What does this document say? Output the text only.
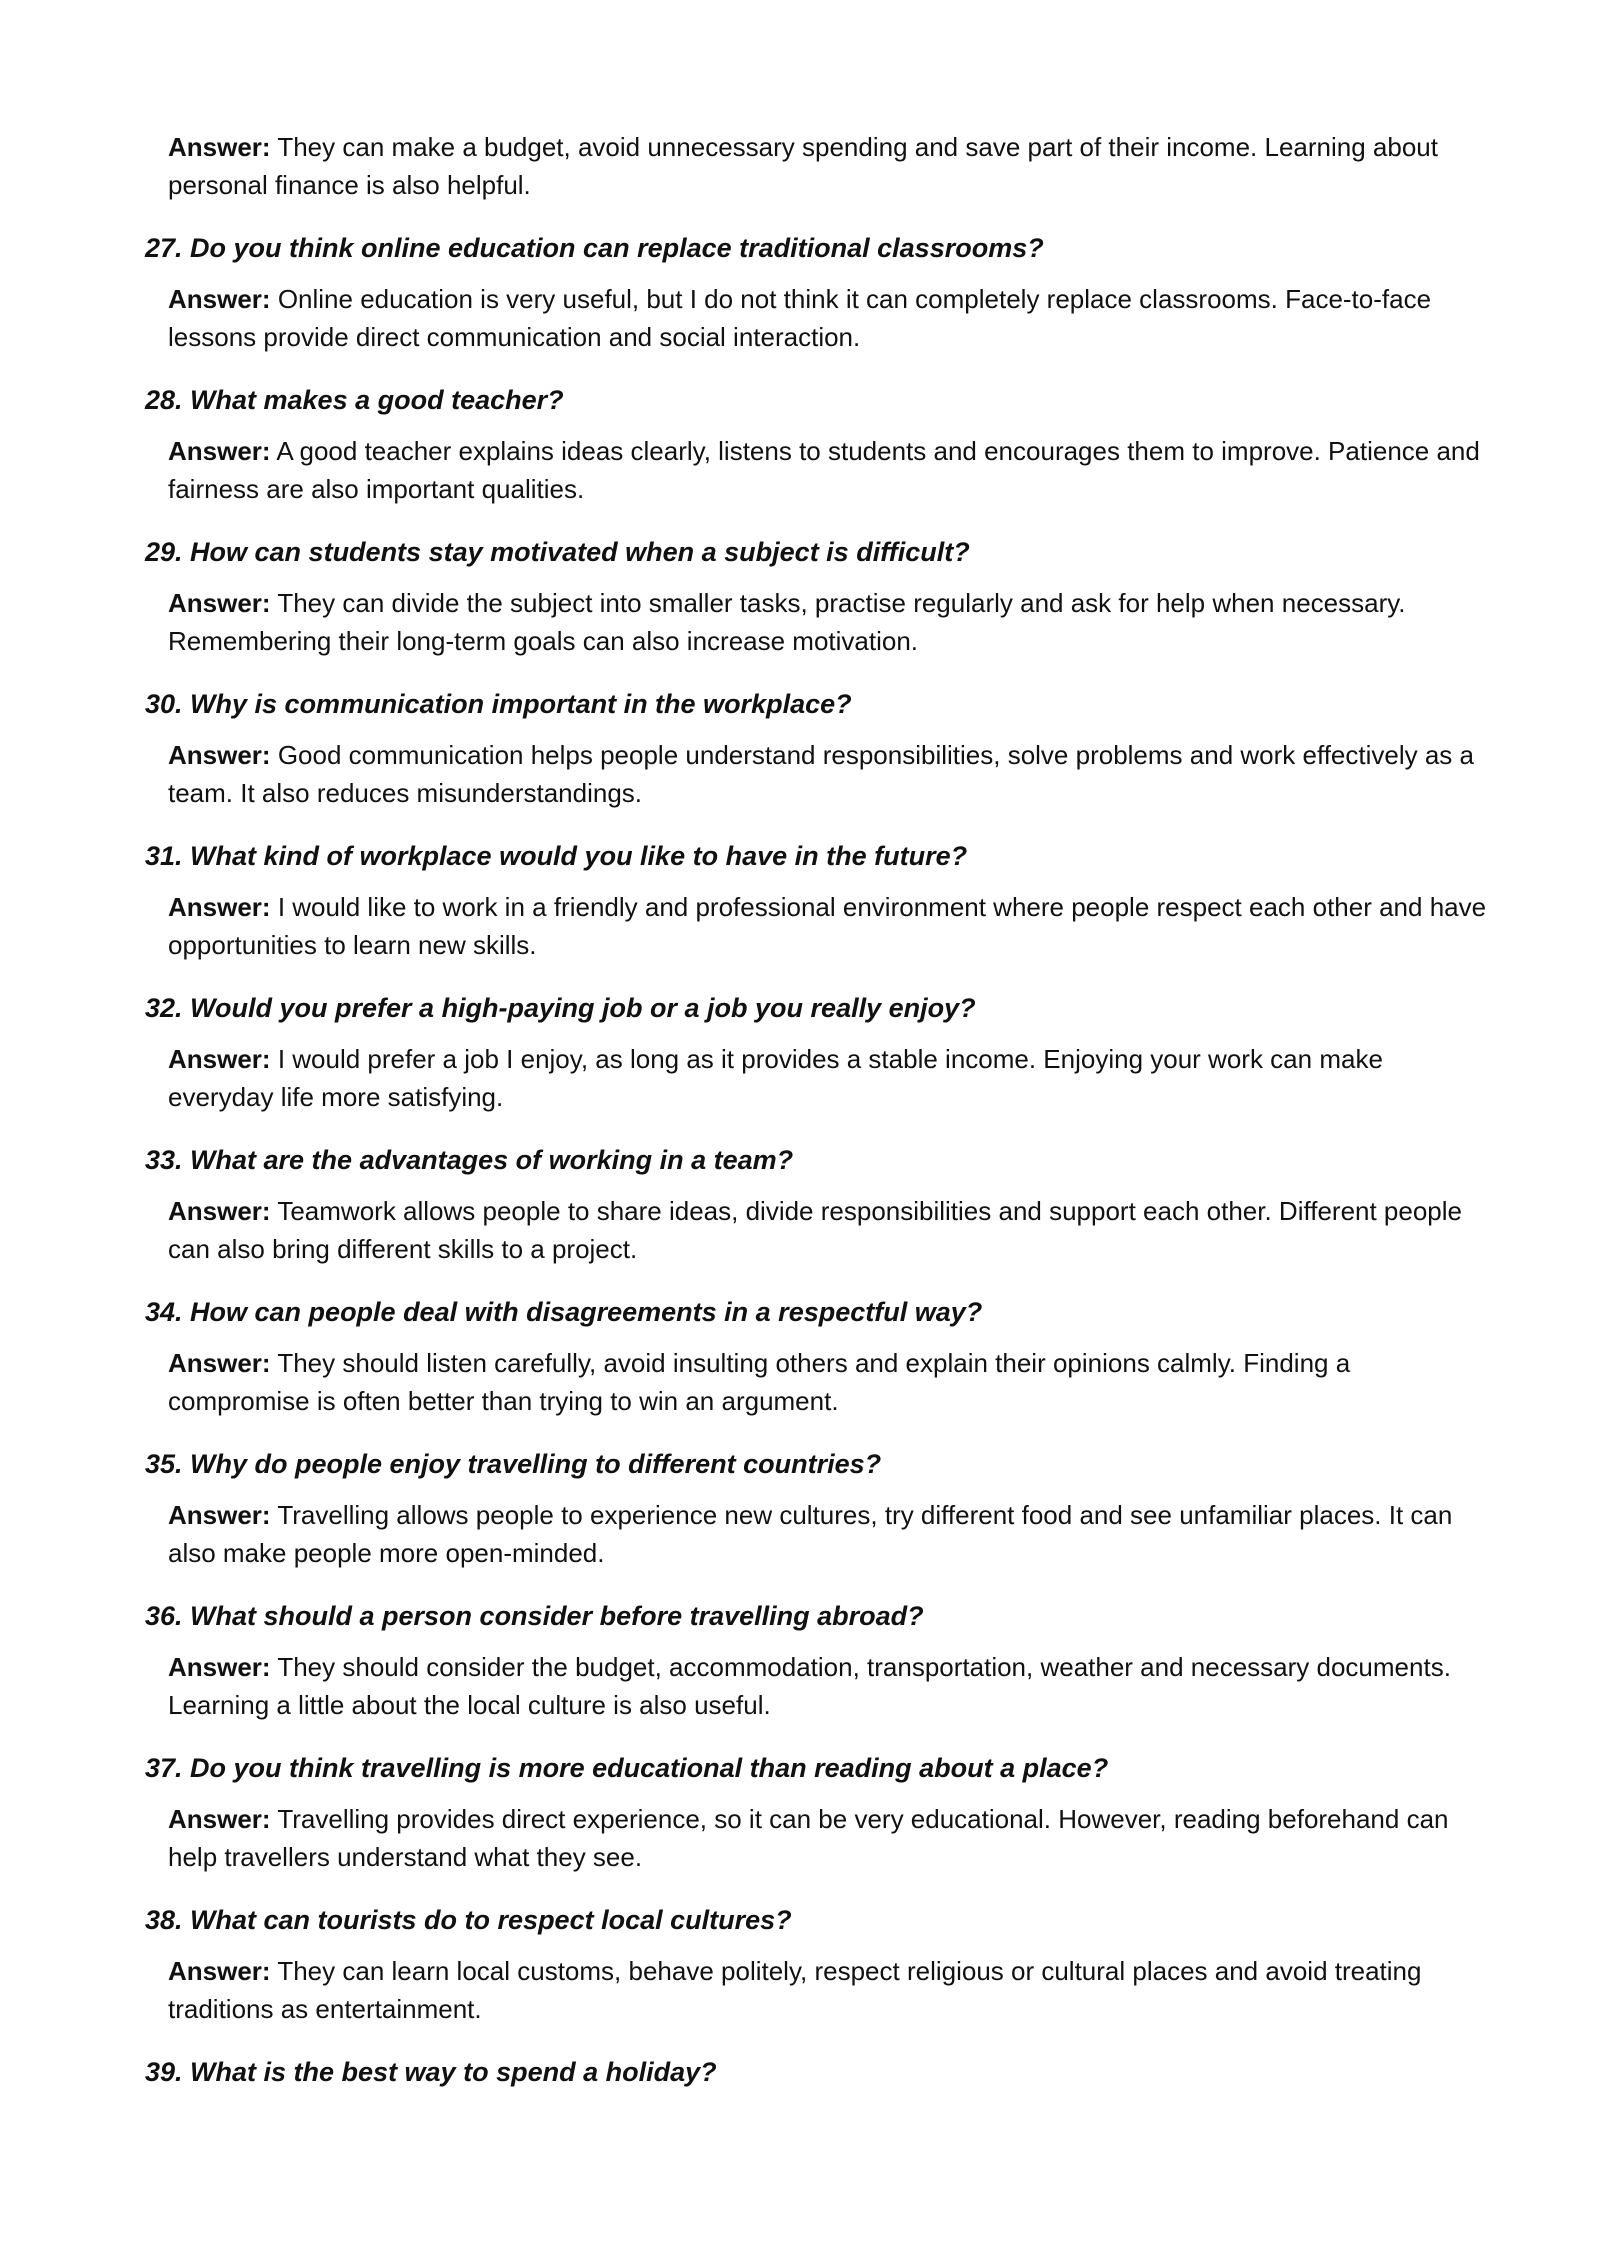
Answer: They can make a budget, avoid unnecessary spending and save part of their income. Learning about personal finance is also helpful.

27. Do you think online education can replace traditional classrooms?

Answer: Online education is very useful, but I do not think it can completely replace classrooms. Face-to-face lessons provide direct communication and social interaction.

28. What makes a good teacher?

Answer: A good teacher explains ideas clearly, listens to students and encourages them to improve. Patience and fairness are also important qualities.

29. How can students stay motivated when a subject is difficult?

Answer: They can divide the subject into smaller tasks, practise regularly and ask for help when necessary. Remembering their long-term goals can also increase motivation.

30. Why is communication important in the workplace?

Answer: Good communication helps people understand responsibilities, solve problems and work effectively as a team. It also reduces misunderstandings.

31. What kind of workplace would you like to have in the future?

Answer: I would like to work in a friendly and professional environment where people respect each other and have opportunities to learn new skills.

32. Would you prefer a high-paying job or a job you really enjoy?

Answer: I would prefer a job I enjoy, as long as it provides a stable income. Enjoying your work can make everyday life more satisfying.

33. What are the advantages of working in a team?

Answer: Teamwork allows people to share ideas, divide responsibilities and support each other. Different people can also bring different skills to a project.

34. How can people deal with disagreements in a respectful way?

Answer: They should listen carefully, avoid insulting others and explain their opinions calmly. Finding a compromise is often better than trying to win an argument.

35. Why do people enjoy travelling to different countries?

Answer: Travelling allows people to experience new cultures, try different food and see unfamiliar places. It can also make people more open-minded.

36. What should a person consider before travelling abroad?

Answer: They should consider the budget, accommodation, transportation, weather and necessary documents. Learning a little about the local culture is also useful.

37. Do you think travelling is more educational than reading about a place?

Answer: Travelling provides direct experience, so it can be very educational. However, reading beforehand can help travellers understand what they see.

38. What can tourists do to respect local cultures?

Answer: They can learn local customs, behave politely, respect religious or cultural places and avoid treating traditions as entertainment.

39. What is the best way to spend a holiday?
